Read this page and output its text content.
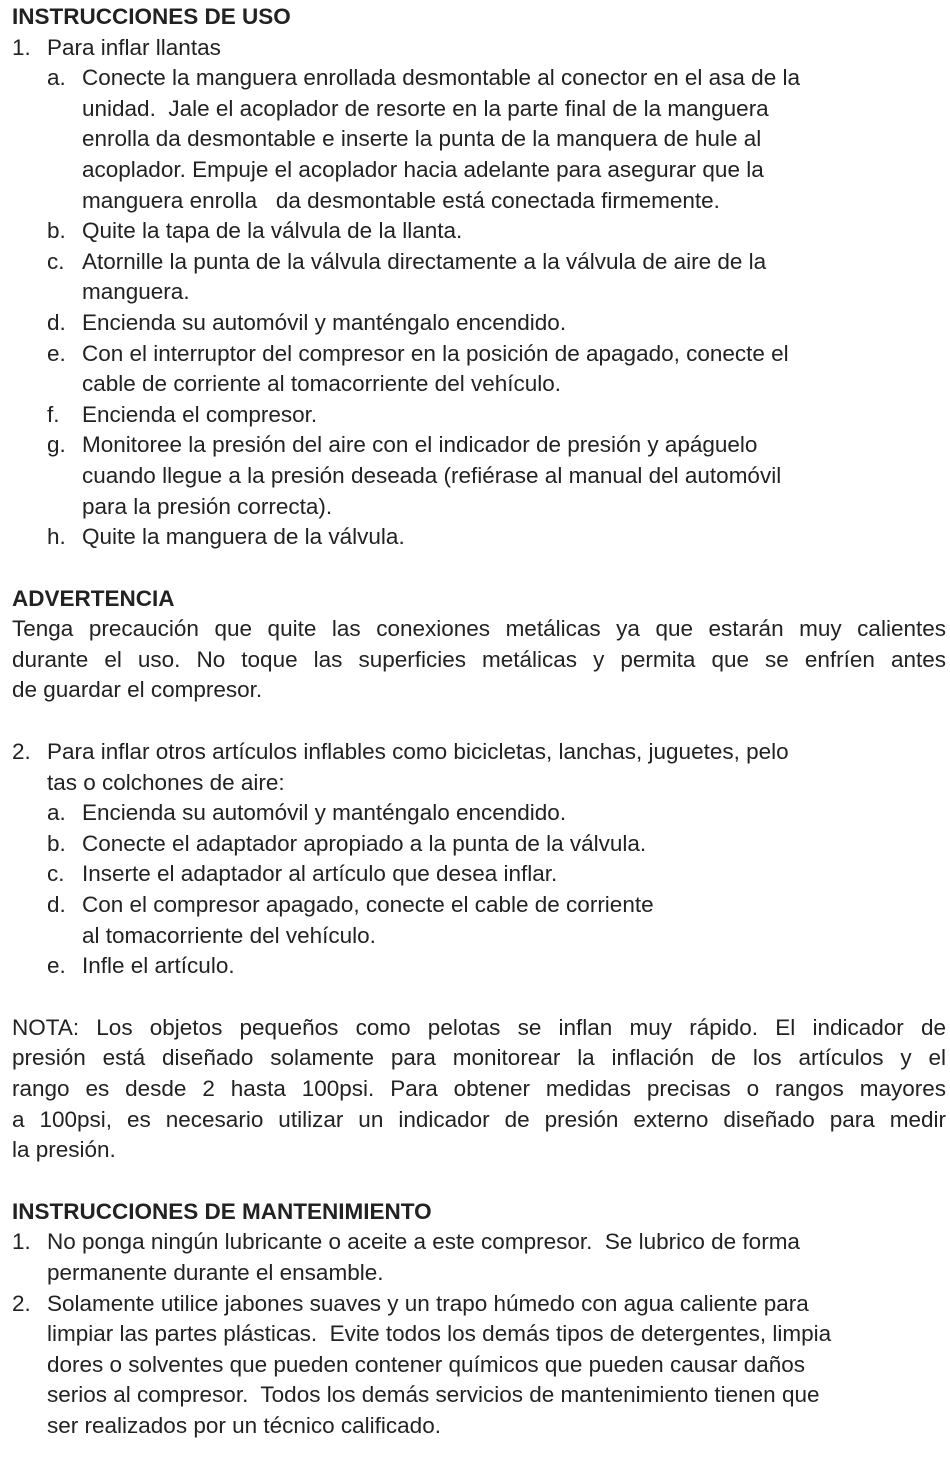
INSTRUCCIONES DE USO
1. Para inflar llantas
a. Conecte la manguera enrollada desmontable al conector en el asa de la
unidad.  Jale el acoplador de resorte en la parte final de la manguera
enrolla da desmontable e inserte la punta de la manquera de hule al
acoplador. Empuje el acoplador hacia adelante para asegurar que la
manguera enrolla   da desmontable está conectada firmemente.
b. Quite la tapa de la válvula de la llanta.
c. Atornille la punta de la válvula directamente a la válvula de aire de la
manguera.
d. Encienda su automóvil y manténgalo encendido.
e. Con el interruptor del compresor en la posición de apagado, conecte el
cable de corriente al tomacorriente del vehículo.
f. Encienda el compresor.
g. Monitoree la presión del aire con el indicador de presión y apáguelo
cuando llegue a la presión deseada (refiérase al manual del automóvil
para la presión correcta).
h. Quite la manguera de la válvula.
ADVERTENCIA
Tenga precaución que quite las conexiones metálicas ya que estarán muy calientes
durante el uso. No toque las superficies metálicas y permita que se enfríen antes
de guardar el compresor.
2. Para inflar otros artículos inflables como bicicletas, lanchas, juguetes, pelo
tas o colchones de aire:
a. Encienda su automóvil y manténgalo encendido.
b. Conecte el adaptador apropiado a la punta de la válvula.
c. Inserte el adaptador al artículo que desea inflar.
d. Con el compresor apagado, conecte el cable de corriente
al tomacorriente del vehículo.
e. Infle el artículo.
NOTA: Los objetos pequeños como pelotas se inflan muy rápido. El indicador de
presión está diseñado solamente para monitorear la inflación de los artículos y el
rango es desde 2 hasta 100psi. Para obtener medidas precisas o rangos mayores
a 100psi, es necesario utilizar un indicador de presión externo diseñado para medir
la presión.
INSTRUCCIONES DE MANTENIMIENTO
1. No ponga ningún lubricante o aceite a este compresor.  Se lubrico de forma
permanente durante el ensamble.
2. Solamente utilice jabones suaves y un trapo húmedo con agua caliente para
limpiar las partes plásticas.  Evite todos los demás tipos de detergentes, limpia
dores o solventes que pueden contener químicos que pueden causar daños
serios al compresor.  Todos los demás servicios de mantenimiento tienen que
ser realizados por un técnico calificado.
